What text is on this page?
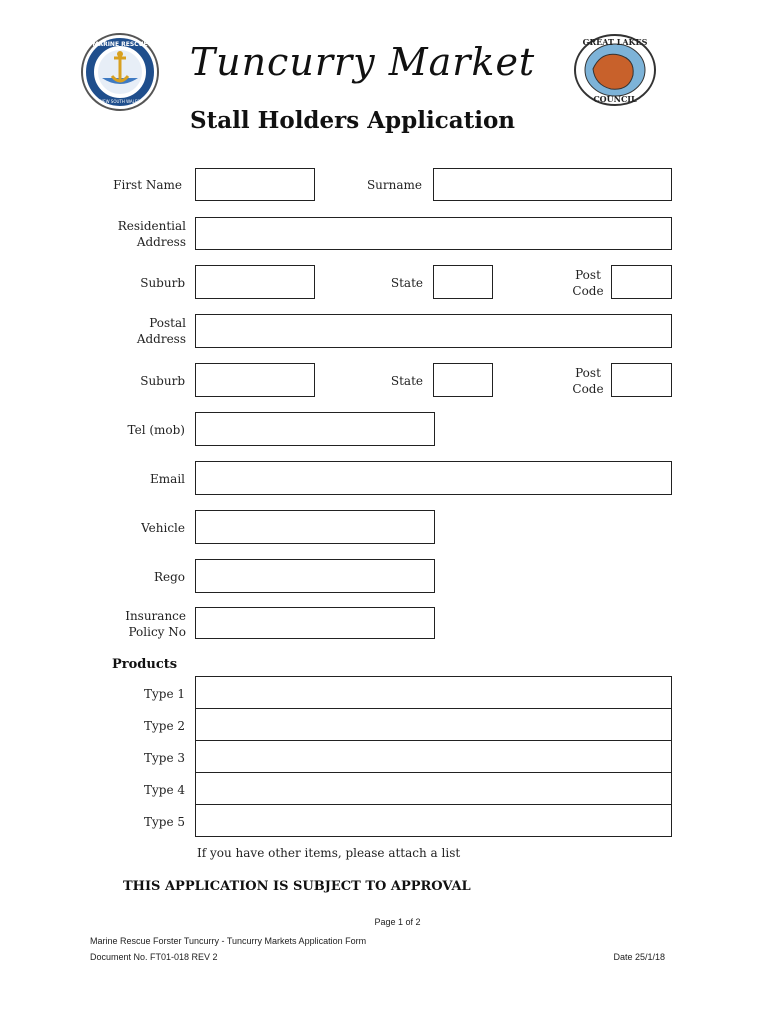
MARINE RESCUE
NEW SOUTH WALES
GREAT LAKES
COUNCIL
Tuncurry Market
Stall Holders Application
First Name	Surname
Residential
Address
Suburb	State
Post
Code
Postal
Address
Suburb	State
Post
Code
Tel (mob)
Email
Vehicle
Rego
Insurance
Policy No
Products
Type 1
Type 2
Type 3
Type 4
Type 5
If you have other items, please attach a list
THIS APPLICATION IS SUBJECT TO APPROVAL
Page 1 of 2
Marine Rescue Forster Tuncurry - Tuncurry Markets Application Form
Document No. FT01-018 REV 2	Date 25/1/18
